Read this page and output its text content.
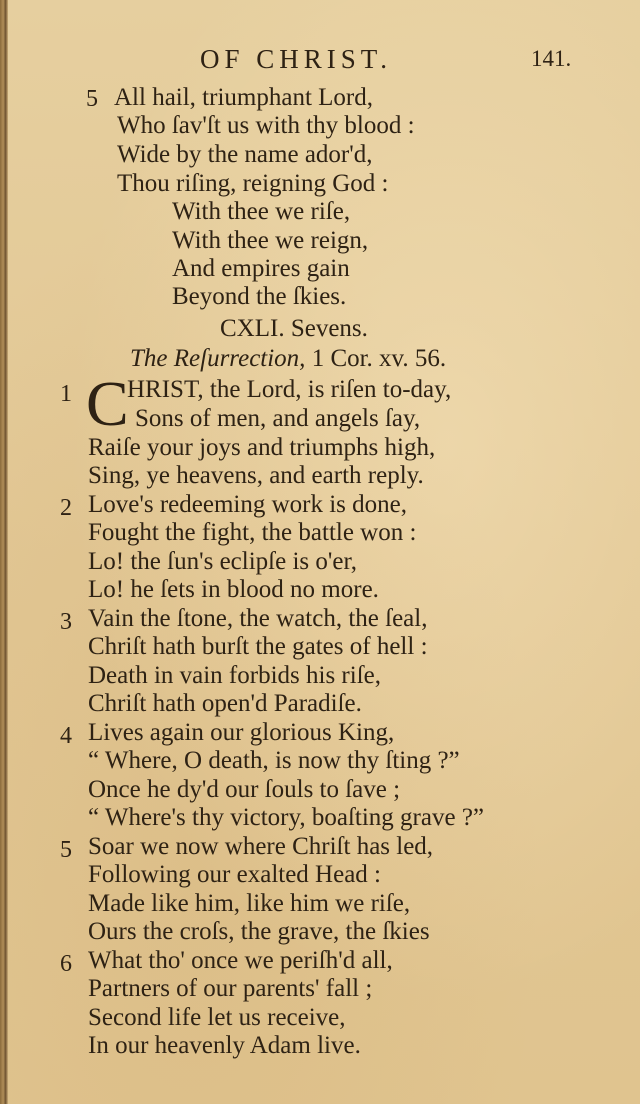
OF CHRIST.	141.
5 All hail, triumphant Lord,
Who ſav'ſt us with thy blood :
Wide by the name ador'd,
Thou riſing, reigning God :
With thee we riſe,
With thee we reign,
And empires gain
Beyond the ſkies.
CXLI. Sevens.
The Reſurrection, 1 Cor. xv. 56.
1 C
HRIST, the Lord, is riſen to-day,
Sons of men, and angels ſay,
Raiſe your joys and triumphs high,
Sing, ye heavens, and earth reply.
2 Love's redeeming work is done,
Fought the fight, the battle won :
Lo! the ſun's eclipſe is o'er,
Lo! he ſets in blood no more.
3 Vain the ſtone, the watch, the ſeal,
Chriſt hath burſt the gates of hell :
Death in vain forbids his riſe,
Chriſt hath open'd Paradiſe.
4 Lives again our glorious King,
“ Where, O death, is now thy ſting ?”
Once he dy'd our ſouls to ſave ;
“ Where's thy victory, boaſting grave ?”
5 Soar we now where Chriſt has led,
Following our exalted Head :
Made like him, like him we riſe,
Ours the croſs, the grave, the ſkies
6 What tho' once we periſh'd all,
Partners of our parents' fall ;
Second life let us receive,
In our heavenly Adam live.
